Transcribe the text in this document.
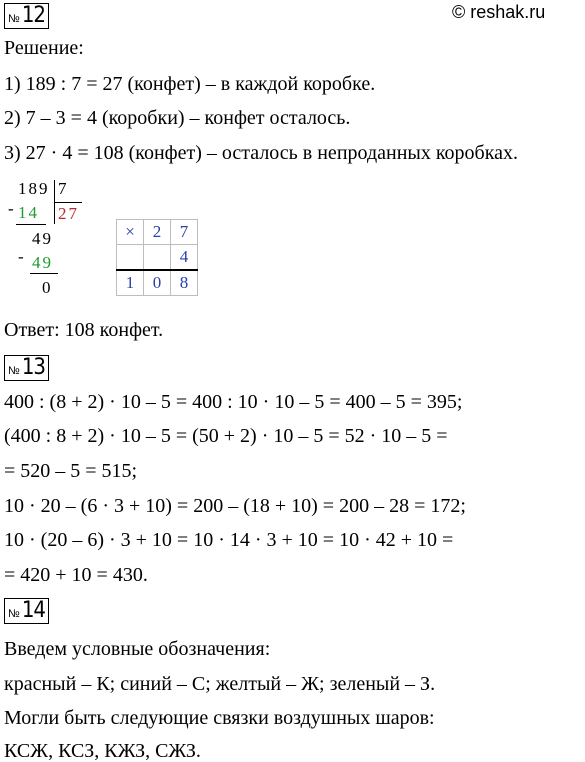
№ 12	© reshak.ru
Решение:
1) 189 : 7 = 27 (конфет) – в каждой коробке.
2) 7 – 3 = 4 (коробки) – конфет осталось.
3) 27 · 4 = 108 (конфет) – осталось в непроданных коробках.
189 7
- 14 27
49
- 49
0
×	2	7
		4
1	0	8
Ответ: 108 конфет.
№ 13
400 : (8 + 2) · 10 – 5 = 400 : 10 · 10 – 5 = 400 – 5 = 395;
(400 : 8 + 2) · 10 – 5 = (50 + 2) · 10 – 5 = 52 · 10 – 5 =
= 520 – 5 = 515;
10 · 20 – (6 · 3 + 10) = 200 – (18 + 10) = 200 – 28 = 172;
10 · (20 – 6) · 3 + 10 = 10 · 14 · 3 + 10 = 10 · 42 + 10 =
= 420 + 10 = 430.
№ 14
Введем условные обозначения:
красный – К; синий – С; желтый – Ж; зеленый – З.
Могли быть следующие связки воздушных шаров:
КСЖ, КСЗ, КЖЗ, СЖЗ.
